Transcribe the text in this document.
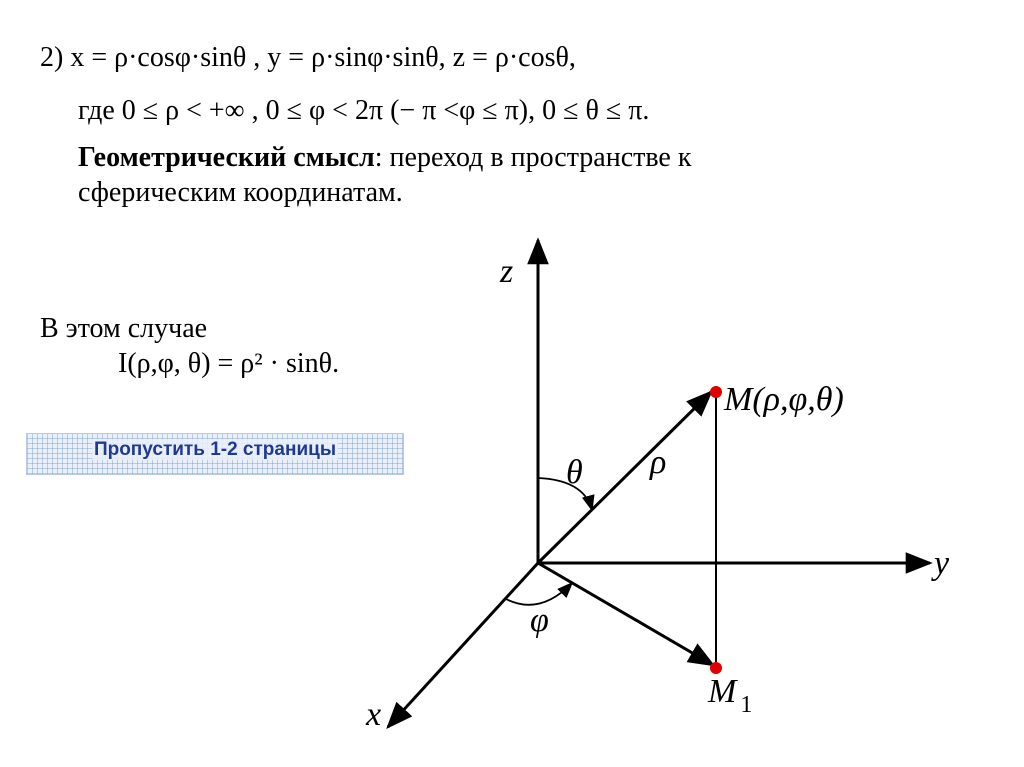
2) x = ρ·cosφ·sinθ , y = ρ·sinφ·sinθ, z = ρ·cosθ,
где 0 ≤ ρ < +∞ , 0 ≤ φ < 2π (− π <φ ≤ π), 0 ≤ θ ≤ π.
Геометрический смысл: переход в пространстве к
сферическим координатам.
В этом случае
I(ρ,φ, θ) = ρ² · sinθ.
Пропустить 1-2 страницы
z
y
x
M(ρ,φ,θ)
θ ρ
φ
M $_1$
